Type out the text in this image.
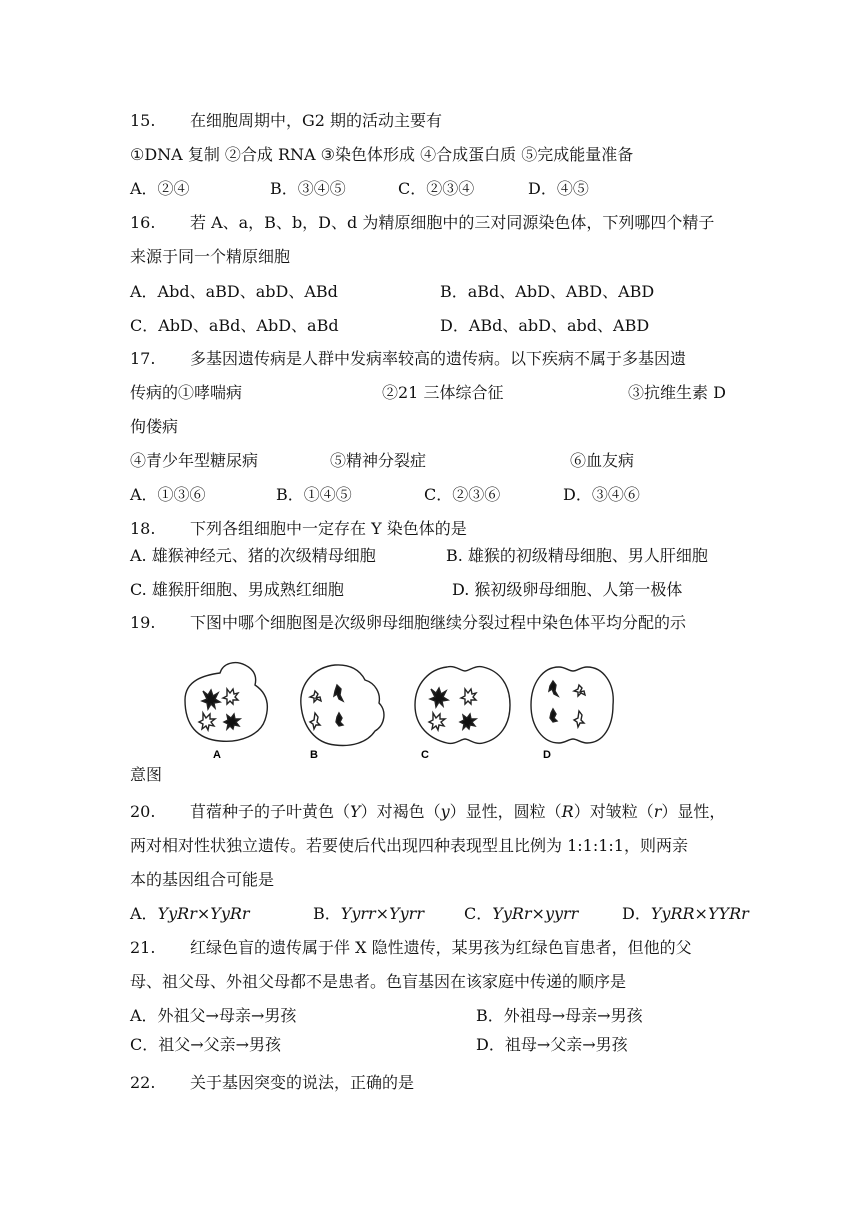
15. 在细胞周期中，G2 期的活动主要有
①DNA 复制 ②合成 RNA ③染色体形成 ④合成蛋白质 ⑤完成能量准备
A．②④	B．③④⑤	C．②③④	D．④⑤
16. 若 A、a，B、b，D、d 为精原细胞中的三对同源染色体，下列哪四个精子
来源于同一个精原细胞
A．Abd、aBD、abD、ABd	B．aBd、AbD、ABD、ABD
C．AbD、aBd、AbD、aBd	D．ABd、abD、abd、ABD
17. 多基因遗传病是人群中发病率较高的遗传病。以下疾病不属于多基因遗
传病的①哮喘病	②21 三体综合征	③抗维生素 D
佝偻病
④青少年型糖尿病	⑤精神分裂症	⑥血友病
A．①③⑥	B．①④⑤	C．②③⑥	D．③④⑥
18. 下列各组细胞中一定存在 Y 染色体的是
A. 雄猴神经元、猪的次级精母细胞	B. 雄猴的初级精母细胞、男人肝细胞
C. 雄猴肝细胞、男成熟红细胞	D. 猴初级卵母细胞、人第一极体
19. 下图中哪个细胞图是次级卵母细胞继续分裂过程中染色体平均分配的示
A	B	C	D
意图
20. 苜蓿种子的子叶黄色（Y）对褐色（y）显性，圆粒（R）对皱粒（r）显性，
两对相对性状独立遗传。若要使后代出现四种表现型且比例为 1:1:1:1，则两亲
本的基因组合可能是
A．YyRr×YyRr	B．Yyrr×Yyrr	C．YyRr×yyrr	D．YyRR×YYRr
21. 红绿色盲的遗传属于伴 X 隐性遗传，某男孩为红绿色盲患者，但他的父
母、祖父母、外祖父母都不是患者。色盲基因在该家庭中传递的顺序是
A．外祖父→母亲→男孩	B．外祖母→母亲→男孩
C．祖父→父亲→男孩	D．祖母→父亲→男孩
22. 关于基因突变的说法，正确的是
